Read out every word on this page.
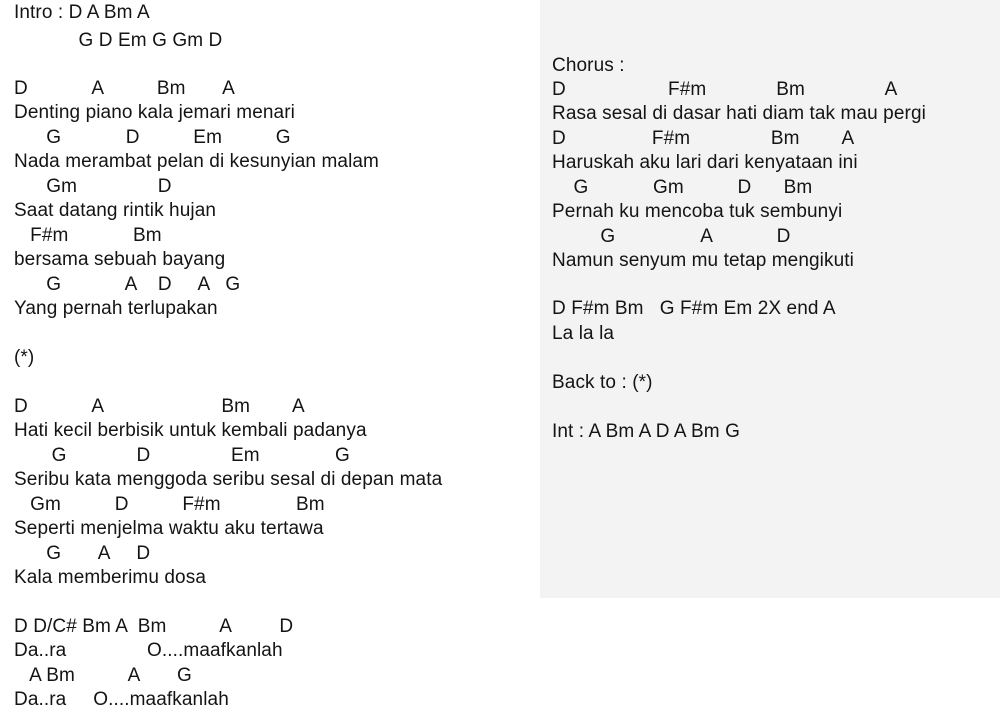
Intro : D A Bm A
G D Em G Gm D
D            A          Bm       A
Denting piano kala jemari menari
G            D          Em          G
Nada merambat pelan di kesunyian malam
Gm               D
Saat datang rintik hujan
F#m            Bm
bersama sebuah bayang
G            A    D     A   G
Yang pernah terlupakan
(*)
D            A                      Bm        A
Hati kecil berbisik untuk kembali padanya
G             D               Em              G
Seribu kata menggoda seribu sesal di depan mata
Gm          D          F#m              Bm
Seperti menjelma waktu aku tertawa
G       A     D
Kala memberimu dosa
D D/C# Bm A  Bm          A         D
Da..ra               O....maafkanlah
A Bm          A       G
Da..ra     O....maafkanlah
Chorus :
D                   F#m             Bm               A
Rasa sesal di dasar hati diam tak mau pergi
D                F#m               Bm        A
Haruskah aku lari dari kenyataan ini
G            Gm          D      Bm
Pernah ku mencoba tuk sembunyi
G                A            D
Namun senyum mu tetap mengikuti
D F#m Bm   G F#m Em 2X end A
La la la
Back to : (*)
Int : A Bm A D A Bm G
